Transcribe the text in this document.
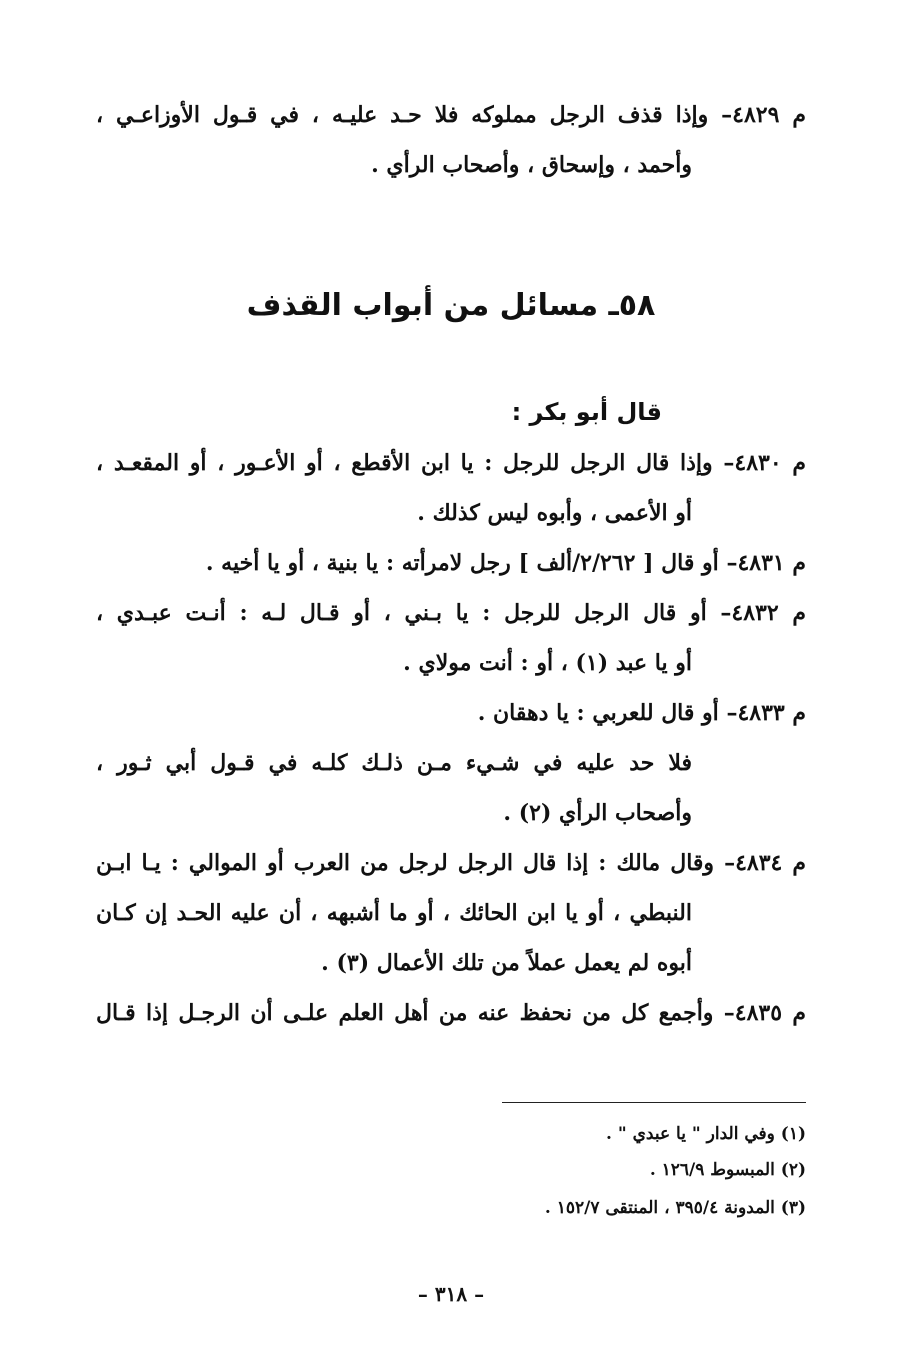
م ٤٨٢٩– وإذا قذف الرجل مملوكه فلا حـد عليـه ، في قـول الأوزاعـي ،
وأحمد ، وإسحاق ، وأصحاب الرأي .
٥٨ـ مسائل من أبواب القذف
قال أبو بكر :
م ٤٨٣٠– وإذا قال الرجل للرجل : يا ابن الأقطع ، أو الأعـور ، أو المقعـد ،
أو الأعمى ، وأبوه ليس كذلك .
م ٤٨٣١– أو قال [ ٢/٢٦٢/ألف ] رجل لامرأته : يا بنية ، أو يا أخيه .
م ٤٨٣٢– أو قال الرجل للرجل : يا بـني ، أو قـال لـه : أنـت عبـدي ،
أو يا عبد (١) ، أو : أنت مولاي .
م ٤٨٣٣– أو قال للعربي : يا دهقان .
فلا حد عليه في شـيء مـن ذلـك كلـه في قـول أبي ثـور ،
وأصحاب الرأي (٢) .
م ٤٨٣٤– وقال مالك : إذا قال الرجل لرجل من العرب أو الموالي : يـا ابـن
النبطي ، أو يا ابن الحائك ، أو ما أشبهه ، أن عليه الحـد إن كـان
أبوه لم يعمل عملاً من تلك الأعمال (٣) .
م ٤٨٣٥– وأجمع كل من نحفظ عنه من أهل العلم علـى أن الرجـل إذا قـال
(١) وفي الدار " يا عبدي " .
(٢) المبسوط ١٢٦/٩ .
(٣) المدونة ٣٩٥/٤ ، المنتقى ١٥٢/٧ .
– ٣١٨ –
